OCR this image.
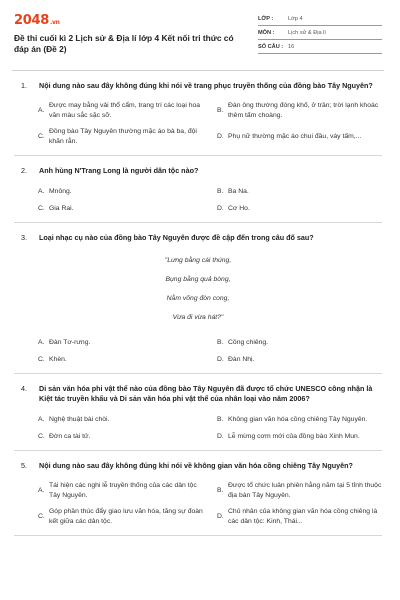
2048.vn
Đề thi cuối kì 2 Lịch sử & Địa lí lớp 4 Kết nối tri thức có đáp án (Đề 2)
LỚP :	Lớp 4
MÔN :	Lịch sử & Địa lí
SỐ CÂU : 16
1.	Nội dung nào sau đây không đúng khi nói về trang phục truyền thống của đồng bào Tây Nguyên?
A.
Được may bằng vải thổ cẩm, trang trí các loại hoa văn màu sắc sặc sỡ.
B.
Đàn ông thường đóng khố, ở trần; trời lạnh khoác thêm tấm choàng.
C.
Đồng bào Tây Nguyên thường mặc áo bà ba, đội khăn rằn.
D. Phụ nữ thường mặc áo chui đầu, váy tấm,...
2.	Anh hùng N'Trang Long là người dân tộc nào?
A. Mnông.	B. Ba Na.
C. Gia Rai.	D. Cơ Ho.
3.	Loại nhạc cụ nào của đồng bào Tây Nguyên được đề cập đến trong câu đố sau?
"Lưng bằng cái thúng,
Bụng bằng quả bòng,
Nằm võng đòn cong,
Vừa đi vừa hát?"
A. Đàn Tơ-rưng.	B. Cồng chiêng.
C. Khèn.	D. Đàn Nhị.
4.	Di sản văn hóa phi vật thể nào của đồng bào Tây Nguyên đã được tổ chức UNESCO công nhận là Kiệt tác truyền khẩu và Di sản văn hóa phi vật thể của nhân loại vào năm 2006?
A. Nghệ thuật bài chòi.	B. Không gian văn hóa cồng chiêng Tây Nguyên.
C. Đờn ca tài tử.	D. Lễ mừng cơm mới của đồng bào Xinh Mun.
5.	Nội dung nào sau đây không đúng khi nói về không gian văn hóa cồng chiêng Tây Nguyên?
A.
Tái hiện các nghi lễ truyền thống của các dân tộc Tây Nguyên.
B.
Được tổ chức luân phiên hằng năm tại 5 tỉnh thuộc địa bàn Tây Nguyên.
C.
Góp phần thúc đẩy giao lưu văn hóa, tăng sự đoàn kết giữa các dân tộc.
D.
Chủ nhân của không gian văn hóa cồng chiêng là các dân tộc: Kinh, Thái...
